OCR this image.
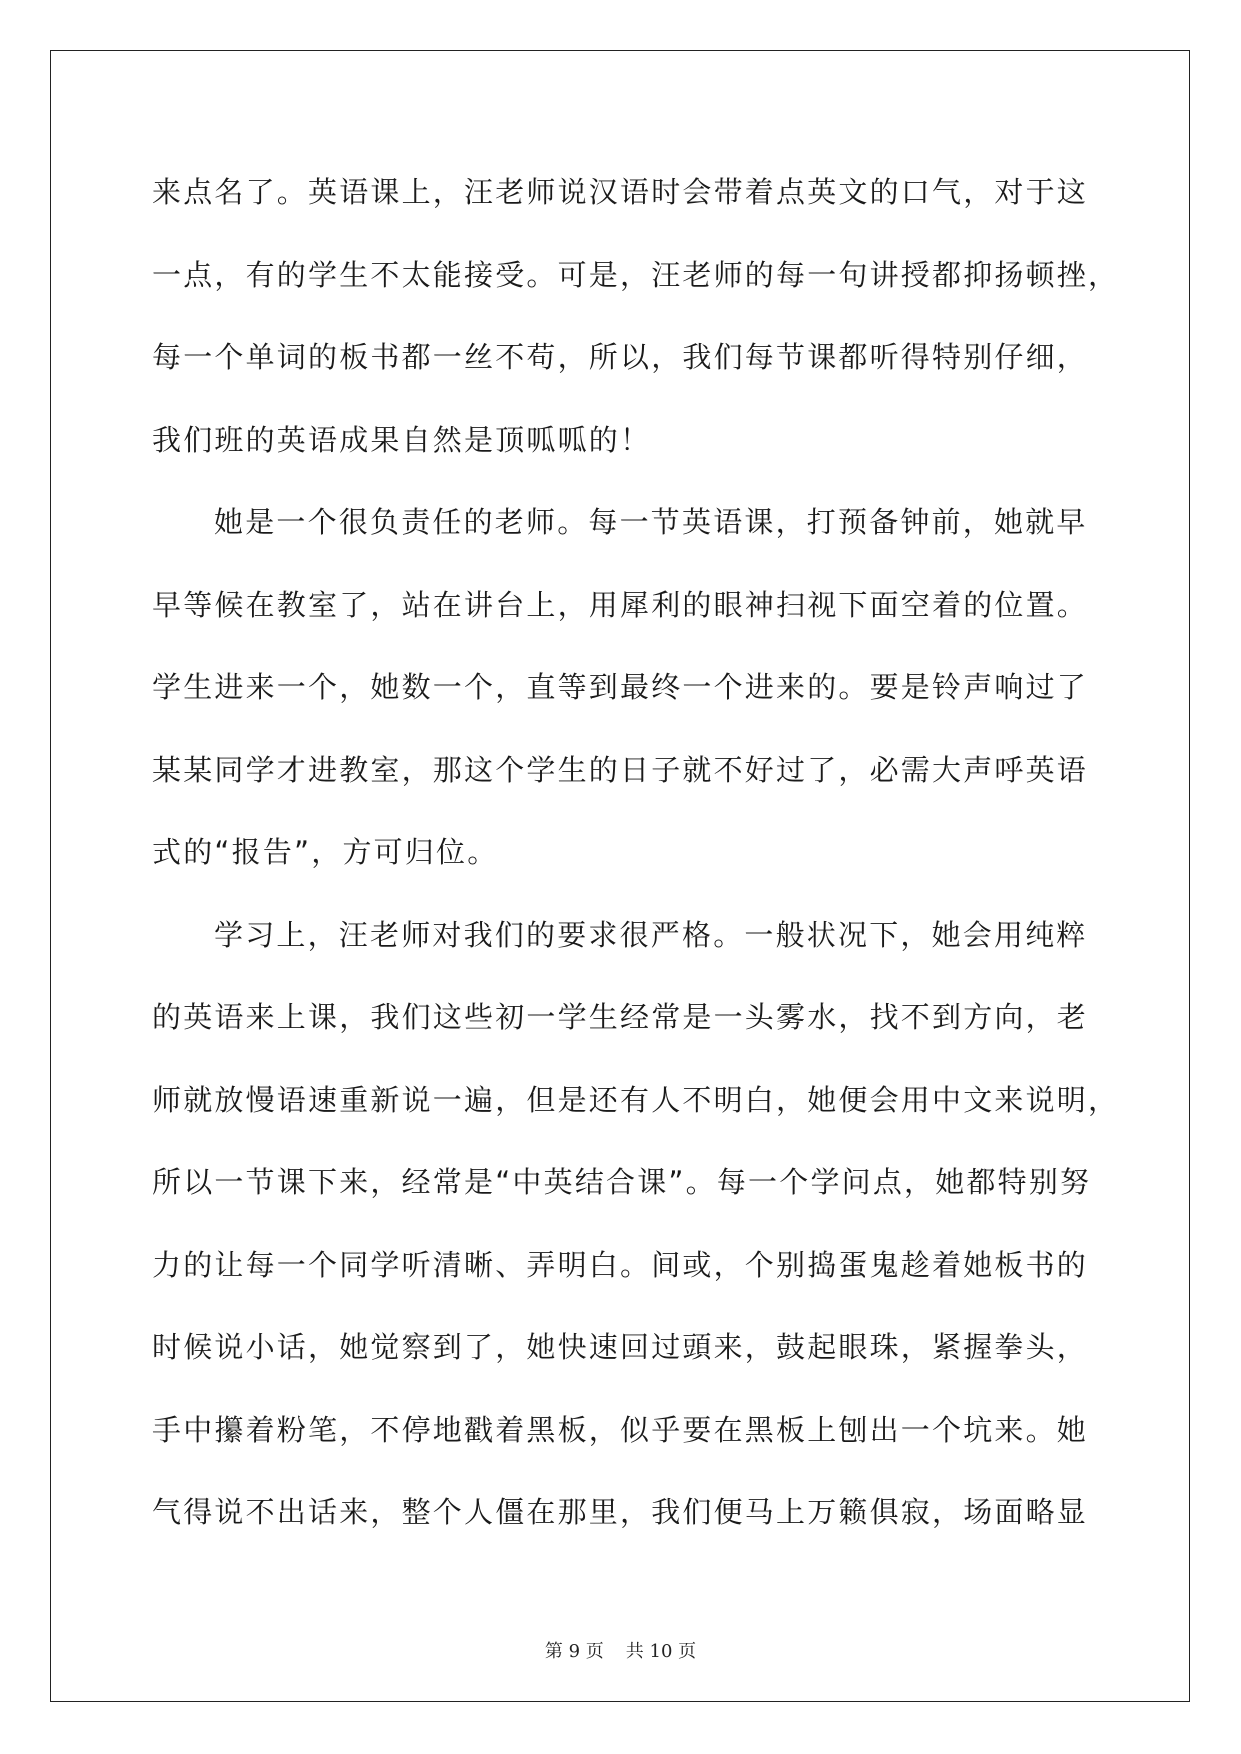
来点名了。英语课上，汪老师说汉语时会带着点英文的口气，对于这
一点，有的学生不太能接受。可是，汪老师的每一句讲授都抑扬顿挫，
每一个单词的板书都一丝不苟，所以，我们每节课都听得特别仔细，
我们班的英语成果自然是顶呱呱的！
她是一个很负责任的老师。每一节英语课，打预备钟前，她就早
早等候在教室了，站在讲台上，用犀利的眼神扫视下面空着的位置。
学生进来一个，她数一个，直等到最终一个进来的。要是铃声响过了
某某同学才进教室，那这个学生的日子就不好过了，必需大声呼英语
式的“报告”，方可归位。
学习上，汪老师对我们的要求很严格。一般状况下，她会用纯粹
的英语来上课，我们这些初一学生经常是一头雾水，找不到方向，老
师就放慢语速重新说一遍，但是还有人不明白，她便会用中文来说明，
所以一节课下来，经常是“中英结合课”。每一个学问点，她都特别努
力的让每一个同学听清晰、弄明白。间或，个别捣蛋鬼趁着她板书的
时候说小话，她觉察到了，她快速回过頭来，鼓起眼珠，紧握拳头，
手中攥着粉笔，不停地戳着黑板，似乎要在黑板上刨出一个坑来。她
气得说不出话来，整个人僵在那里，我们便马上万籁俱寂，场面略显
第 9 页 共 10 页
